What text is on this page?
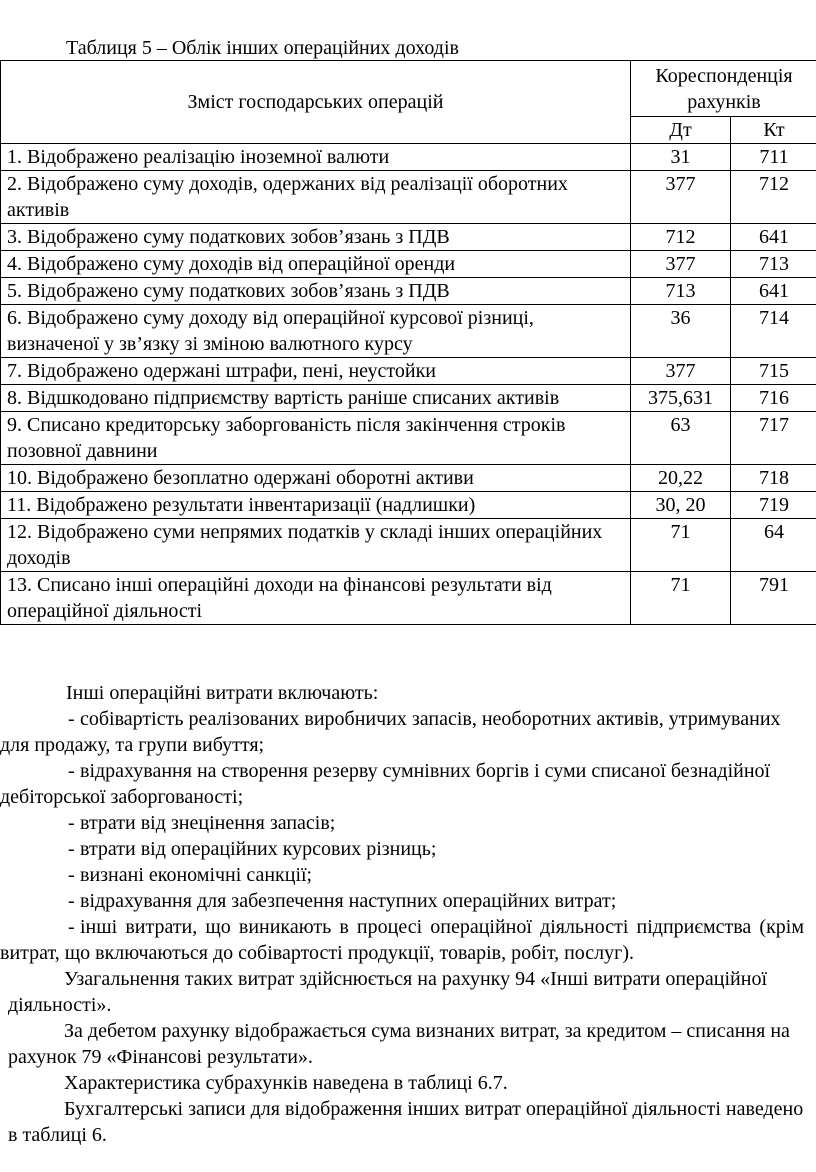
Таблиця 5 – Облік інших операційних доходів
Зміст господарських операцій	Кореспонденція
рахунків	

	Дт	Кт
1. Відображено реалізацію іноземної валюти	31	711
2. Відображено суму доходів, одержаних від реалізації оборотних активів	377	712
3. Відображено суму податкових зобов’язань з ПДВ	712	641
4. Відображено суму доходів від операційної оренди	377	713
5. Відображено суму податкових зобов’язань з ПДВ	713	641
6. Відображено суму доходу від операційної курсової різниці, визначеної у зв’язку зі зміною валютного курсу	36	714
7. Відображено одержані штрафи, пені, неустойки	377	715
8. Відшкодовано підприємству вартість раніше списаних активів	375,631	716
9. Списано кредиторську заборгованість після закінчення строків позовної давнини	63	717
10. Відображено безоплатно одержані оборотні активи	20,22	718
11. Відображено результати інвентаризації (надлишки)	30, 20	719
12. Відображено суми непрямих податків у складі інших операційних доходів	71	64
13. Списано інші операційні доходи на фінансові результати від операційної діяльності	71	791

Інші операційні витрати включають:

- собівартість реалізованих виробничих запасів, необоротних активів, утримуваних для продажу, та групи вибуття;

- відрахування на створення резерву сумнівних боргів і суми списаної безнадійної дебіторської заборгованості;

- втрати від знецінення запасів;

- втрати від операційних курсових різниць;

- визнані економічні санкції;

- відрахування для забезпечення наступних операційних витрат;

- інші витрати, що виникають в процесі операційної діяльності підприємства (крім витрат, що включаються до собівартості продукції, товарів, робіт, послуг).

Узагальнення таких витрат здійснюється на рахунку 94 «Інші витрати операційної діяльності».

За дебетом рахунку відображається сума визнаних витрат, за кредитом – списання на рахунок 79 «Фінансові результати».

Характеристика субрахунків наведена в таблиці 6.7.

Бухгалтерські записи для відображення інших витрат операційної діяльності наведено в таблиці 6.
